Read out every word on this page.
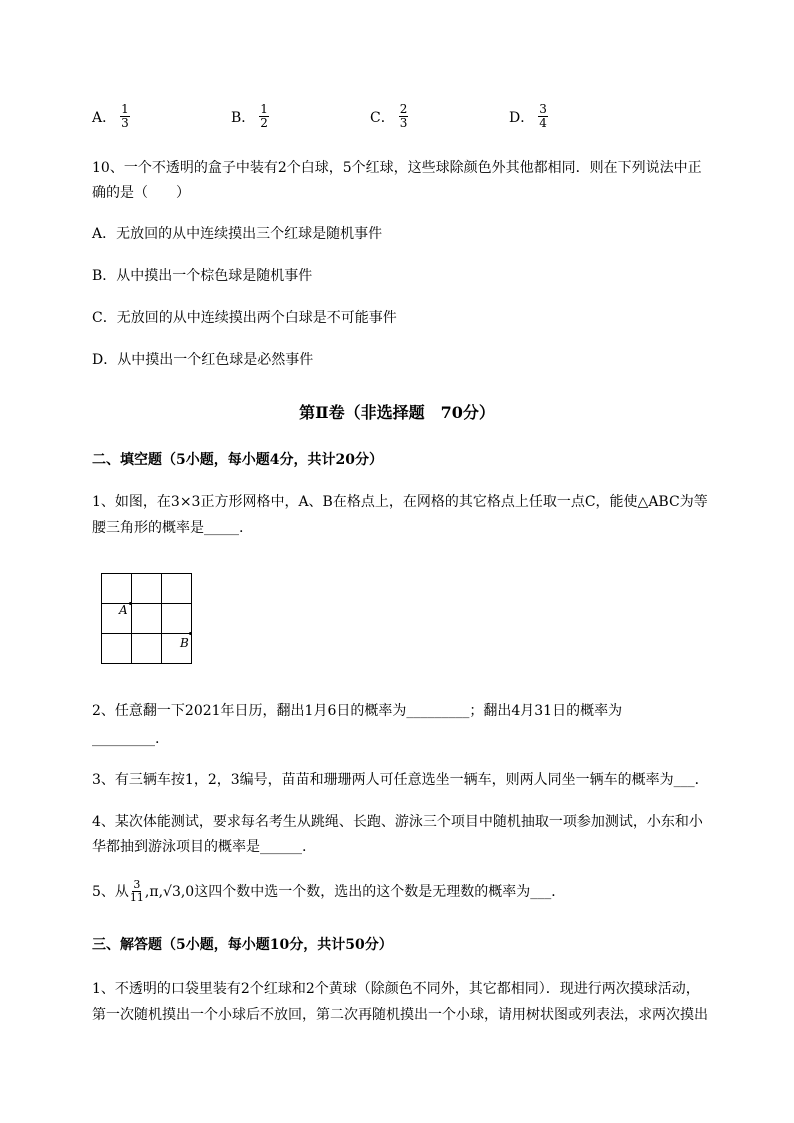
A． $\frac{1}{3}$	B． $\frac{1}{2}$	C． $\frac{2}{3}$	D． $\frac{3}{4}$
10、一个不透明的盒子中装有2个白球，5个红球，这些球除颜色外其他都相同．则在下列说法中正
确的是（　　）
A．无放回的从中连续摸出三个红球是随机事件
B．从中摸出一个棕色球是随机事件
C．无放回的从中连续摸出两个白球是不可能事件
D．从中摸出一个红色球是必然事件
第Ⅱ卷（非选择题　70分）
二、填空题（5小题，每小题4分，共计20分）
1、如图，在3×3正方形网格中，A、B在格点上，在网格的其它格点上任取一点C，能使△ABC为等
腰三角形的概率是_____.
A
B
2、任意翻一下2021年日历，翻出1月6日的概率为_________；翻出4月31日的概率为
_________.
3、有三辆车按1，2，3编号，苗苗和珊珊两人可任意选坐一辆车，则两人同坐一辆车的概率为___．
4、某次体能测试，要求每名考生从跳绳、长跑、游泳三个项目中随机抽取一项参加测试，小东和小
华都抽到游泳项目的概率是______.
5、从 $\frac{3}{11} ,\pi,√3,0$这四个数中选一个数，选出的这个数是无理数的概率为___．
三、解答题（5小题，每小题10分，共计50分）
1、不透明的口袋里装有2个红球和2个黄球（除颜色不同外，其它都相同）．现进行两次摸球活动，
第一次随机摸出一个小球后不放回，第二次再随机摸出一个小球，请用树状图或列表法，求两次摸出
